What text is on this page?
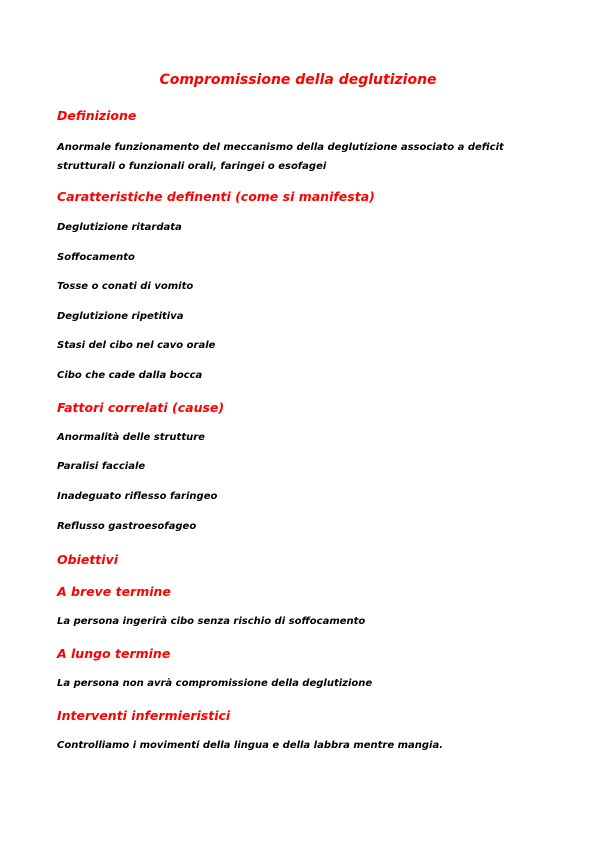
Compromissione della deglutizione
Definizione
Anormale funzionamento del meccanismo della deglutizione associato a deficit
strutturali o funzionali orali, faringei o esofagei
Caratteristiche definenti (come si manifesta)
Deglutizione ritardata
Soffocamento
Tosse o conati di vomito
Deglutizione ripetitiva
Stasi del cibo nel cavo orale
Cibo che cade dalla bocca
Fattori correlati (cause)
Anormalità delle strutture
Paralisi facciale
Inadeguato riflesso faringeo
Reflusso gastroesofageo
Obiettivi
A breve termine
La persona ingerirà cibo senza rischio di soffocamento
A lungo termine
La persona non avrà compromissione della deglutizione
Interventi infermieristici
Controlliamo i movimenti della lingua e della labbra mentre mangia.
